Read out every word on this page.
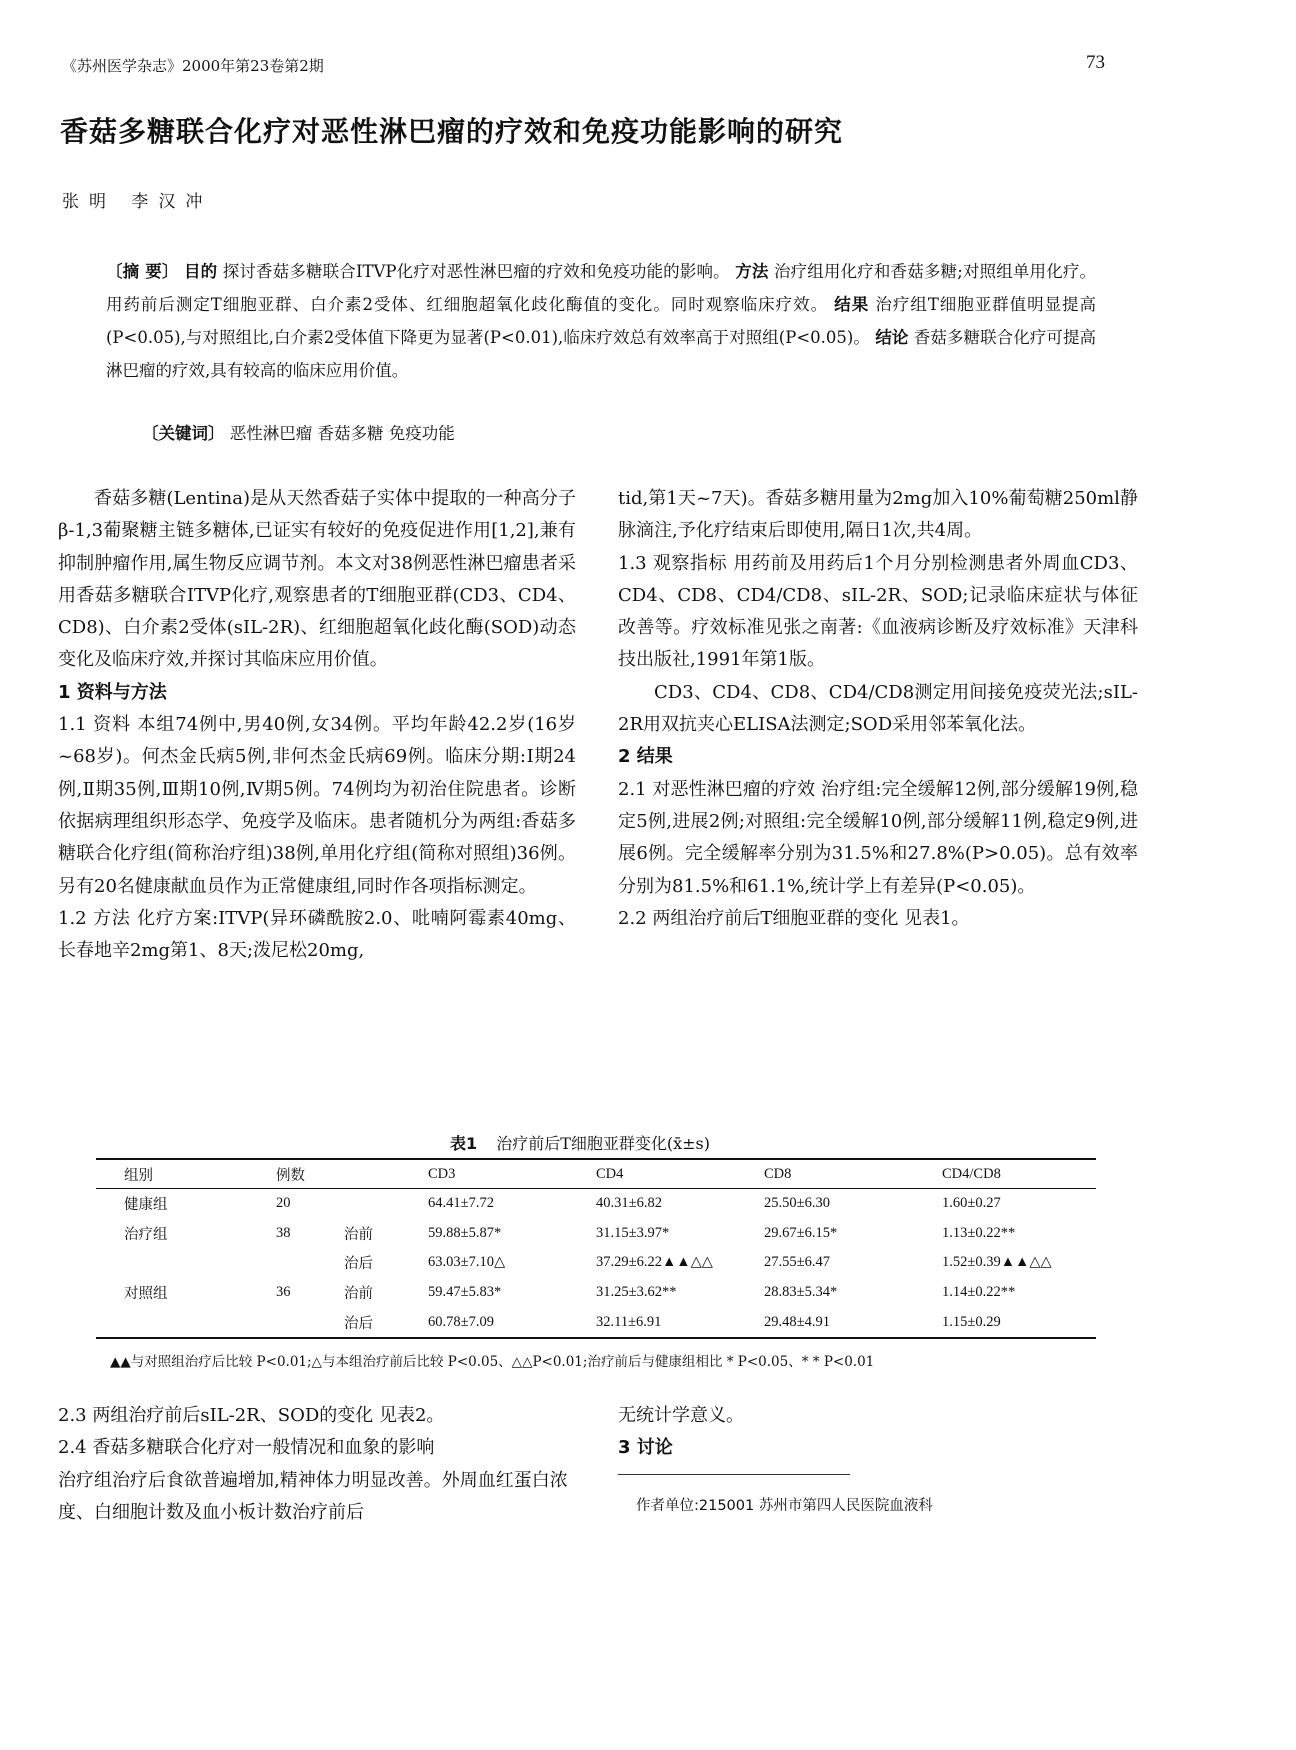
《苏州医学杂志》2000年第23卷第2期	73
香菇多糖联合化疗对恶性淋巴瘤的疗效和免疫功能影响的研究
张明 李汉冲
〔摘 要〕 目的 探讨香菇多糖联合ITVP化疗对恶性淋巴瘤的疗效和免疫功能的影响。 方法 治疗组用化疗和香菇多糖;对照组单用化疗。用药前后测定T细胞亚群、白介素2受体、红细胞超氧化歧化酶值的变化。同时观察临床疗效。 结果 治疗组T细胞亚群值明显提高(P<0.05),与对照组比,白介素2受体值下降更为显著(P<0.01),临床疗效总有效率高于对照组(P<0.05)。 结论 香菇多糖联合化疗可提高淋巴瘤的疗效,具有较高的临床应用价值。
〔关键词〕 恶性淋巴瘤 香菇多糖 免疫功能

香菇多糖(Lentina)是从天然香菇子实体中提取的一种高分子β-1,3葡聚糖主链多糖体,已证实有较好的免疫促进作用[1,2],兼有抑制肿瘤作用,属生物反应调节剂。本文对38例恶性淋巴瘤患者采用香菇多糖联合ITVP化疗,观察患者的T细胞亚群(CD3、CD4、CD8)、白介素2受体(sIL-2R)、红细胞超氧化歧化酶(SOD)动态变化及临床疗效,并探讨其临床应用价值。

1 资料与方法

1.1 资料 本组74例中,男40例,女34例。平均年龄42.2岁(16岁~68岁)。何杰金氏病5例,非何杰金氏病69例。临床分期:Ⅰ期24例,Ⅱ期35例,Ⅲ期10例,Ⅳ期5例。74例均为初治住院患者。诊断依据病理组织形态学、免疫学及临床。患者随机分为两组:香菇多糖联合化疗组(简称治疗组)38例,单用化疗组(简称对照组)36例。另有20名健康献血员作为正常健康组,同时作各项指标测定。

1.2 方法 化疗方案:ITVP(异环磷酰胺2.0、吡喃阿霉素40mg、长春地辛2mg第1、8天;泼尼松20mg,

tid,第1天~7天)。香菇多糖用量为2mg加入10%葡萄糖250ml静脉滴注,予化疗结束后即使用,隔日1次,共4周。

1.3 观察指标 用药前及用药后1个月分别检测患者外周血CD3、CD4、CD8、CD4/CD8、sIL-2R、SOD;记录临床症状与体征改善等。疗效标准见张之南著:《血液病诊断及疗效标准》天津科技出版社,1991年第1版。

CD3、CD4、CD8、CD4/CD8测定用间接免疫荧光法;sIL-2R用双抗夹心ELISA法测定;SOD采用邻苯氧化法。

2 结果

2.1 对恶性淋巴瘤的疗效 治疗组:完全缓解12例,部分缓解19例,稳定5例,进展2例;对照组:完全缓解10例,部分缓解11例,稳定9例,进展6例。完全缓解率分别为31.5%和27.8%(P>0.05)。总有效率分别为81.5%和61.1%,统计学上有差异(P<0.05)。

2.2 两组治疗前后T细胞亚群的变化 见表1。

表1 治疗前后T细胞亚群变化(x̄±s)
组别	例数		CD3	CD4	CD8	CD4/CD8
健康组	20		64.41±7.72	40.31±6.82	25.50±6.30	1.60±0.27
治疗组	38	治前	59.88±5.87*	31.15±3.97*	29.67±6.15*	1.13±0.22**
		治后	63.03±7.10△	37.29±6.22▲▲△△	27.55±6.47	1.52±0.39▲▲△△
对照组	36	治前	59.47±5.83*	31.25±3.62**	28.83±5.34*	1.14±0.22**
		治后	60.78±7.09	32.11±6.91	29.48±4.91	1.15±0.29
▲▲与对照组治疗后比较 P<0.01;△与本组治疗前后比较 P<0.05、△△P<0.01;治疗前后与健康组相比 * P<0.05、* * P<0.01

2.3 两组治疗前后sIL-2R、SOD的变化 见表2。

2.4 香菇多糖联合化疗对一般情况和血象的影响

治疗组治疗后食欲普遍增加,精神体力明显改善。外周血红蛋白浓度、白细胞计数及血小板计数治疗前后

无统计学意义。

3 讨论

作者单位:215001 苏州市第四人民医院血液科
